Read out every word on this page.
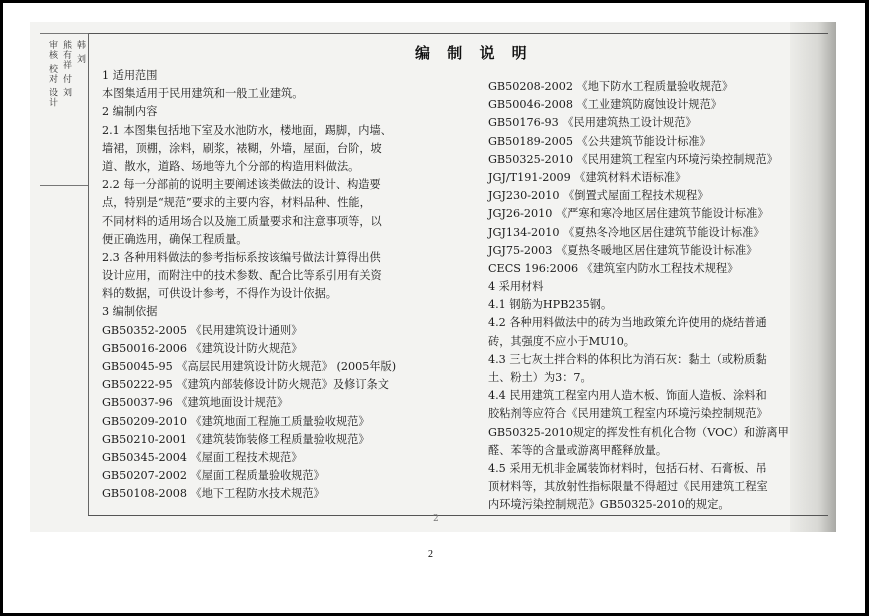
审核 校对 设计 熊有祥 付 刘 韩 刘	编 制 说 明
1 适用范围
本图集适用于民用建筑和一般工业建筑。
2 编制内容
2.1 本图集包括地下室及水池防水，楼地面，踢脚，内墙、
墙裙，顶棚，涂料，刷浆，裱糊，外墙，屋面，台阶，坡
道、散水，道路、场地等九个分部的构造用料做法。
2.2 每一分部前的说明主要阐述该类做法的设计、构造要
点，特别是“规范”要求的主要内容，材料品种、性能，
不同材料的适用场合以及施工质量要求和注意事项等，以
便正确选用，确保工程质量。
2.3 各种用料做法的参考指标系按该编号做法计算得出供
设计应用，而附注中的技术参数、配合比等系引用有关资
料的数据，可供设计参考，不得作为设计依据。
3 编制依据
GB50352-2005 《民用建筑设计通则》
GB50016-2006 《建筑设计防火规范》
GB50045-95 《高层民用建筑设计防火规范》 (2005年版)
GB50222-95 《建筑内部装修设计防火规范》及修订条文
GB50037-96 《建筑地面设计规范》
GB50209-2010 《建筑地面工程施工质量验收规范》
GB50210-2001 《建筑装饰装修工程质量验收规范》
GB50345-2004 《屋面工程技术规范》
GB50207-2002 《屋面工程质量验收规范》
GB50108-2008 《地下工程防水技术规范》
GB50208-2002 《地下防水工程质量验收规范》
GB50046-2008 《工业建筑防腐蚀设计规范》
GB50176-93 《民用建筑热工设计规范》
GB50189-2005 《公共建筑节能设计标准》
GB50325-2010 《民用建筑工程室内环境污染控制规范》
JGJ/T191-2009 《建筑材料术语标准》
JGJ230-2010 《倒置式屋面工程技术规程》
JGJ26-2010 《严寒和寒冷地区居住建筑节能设计标准》
JGJ134-2010 《夏热冬冷地区居住建筑节能设计标准》
JGJ75-2003 《夏热冬暖地区居住建筑节能设计标准》
CECS 196:2006 《建筑室内防水工程技术规程》
4 采用材料
4.1 钢筋为HPB235钢。
4.2 各种用料做法中的砖为当地政策允许使用的烧结普通
砖，其强度不应小于MU10。
4.3 三七灰土拌合料的体积比为消石灰：黏土（或粉质黏
土、粉土）为3：7。
4.4 民用建筑工程室内用人造木板、饰面人造板、涂料和
胶粘剂等应符合《民用建筑工程室内环境污染控制规范》
GB50325-2010规定的挥发性有机化合物（VOC）和游离甲
醛、苯等的含量或游离甲醛释放量。
4.5 采用无机非金属装饰材料时，包括石材、石膏板、吊
顶材料等，其放射性指标限量不得超过《民用建筑工程室
内环境污染控制规范》GB50325-2010的规定。
2
2
